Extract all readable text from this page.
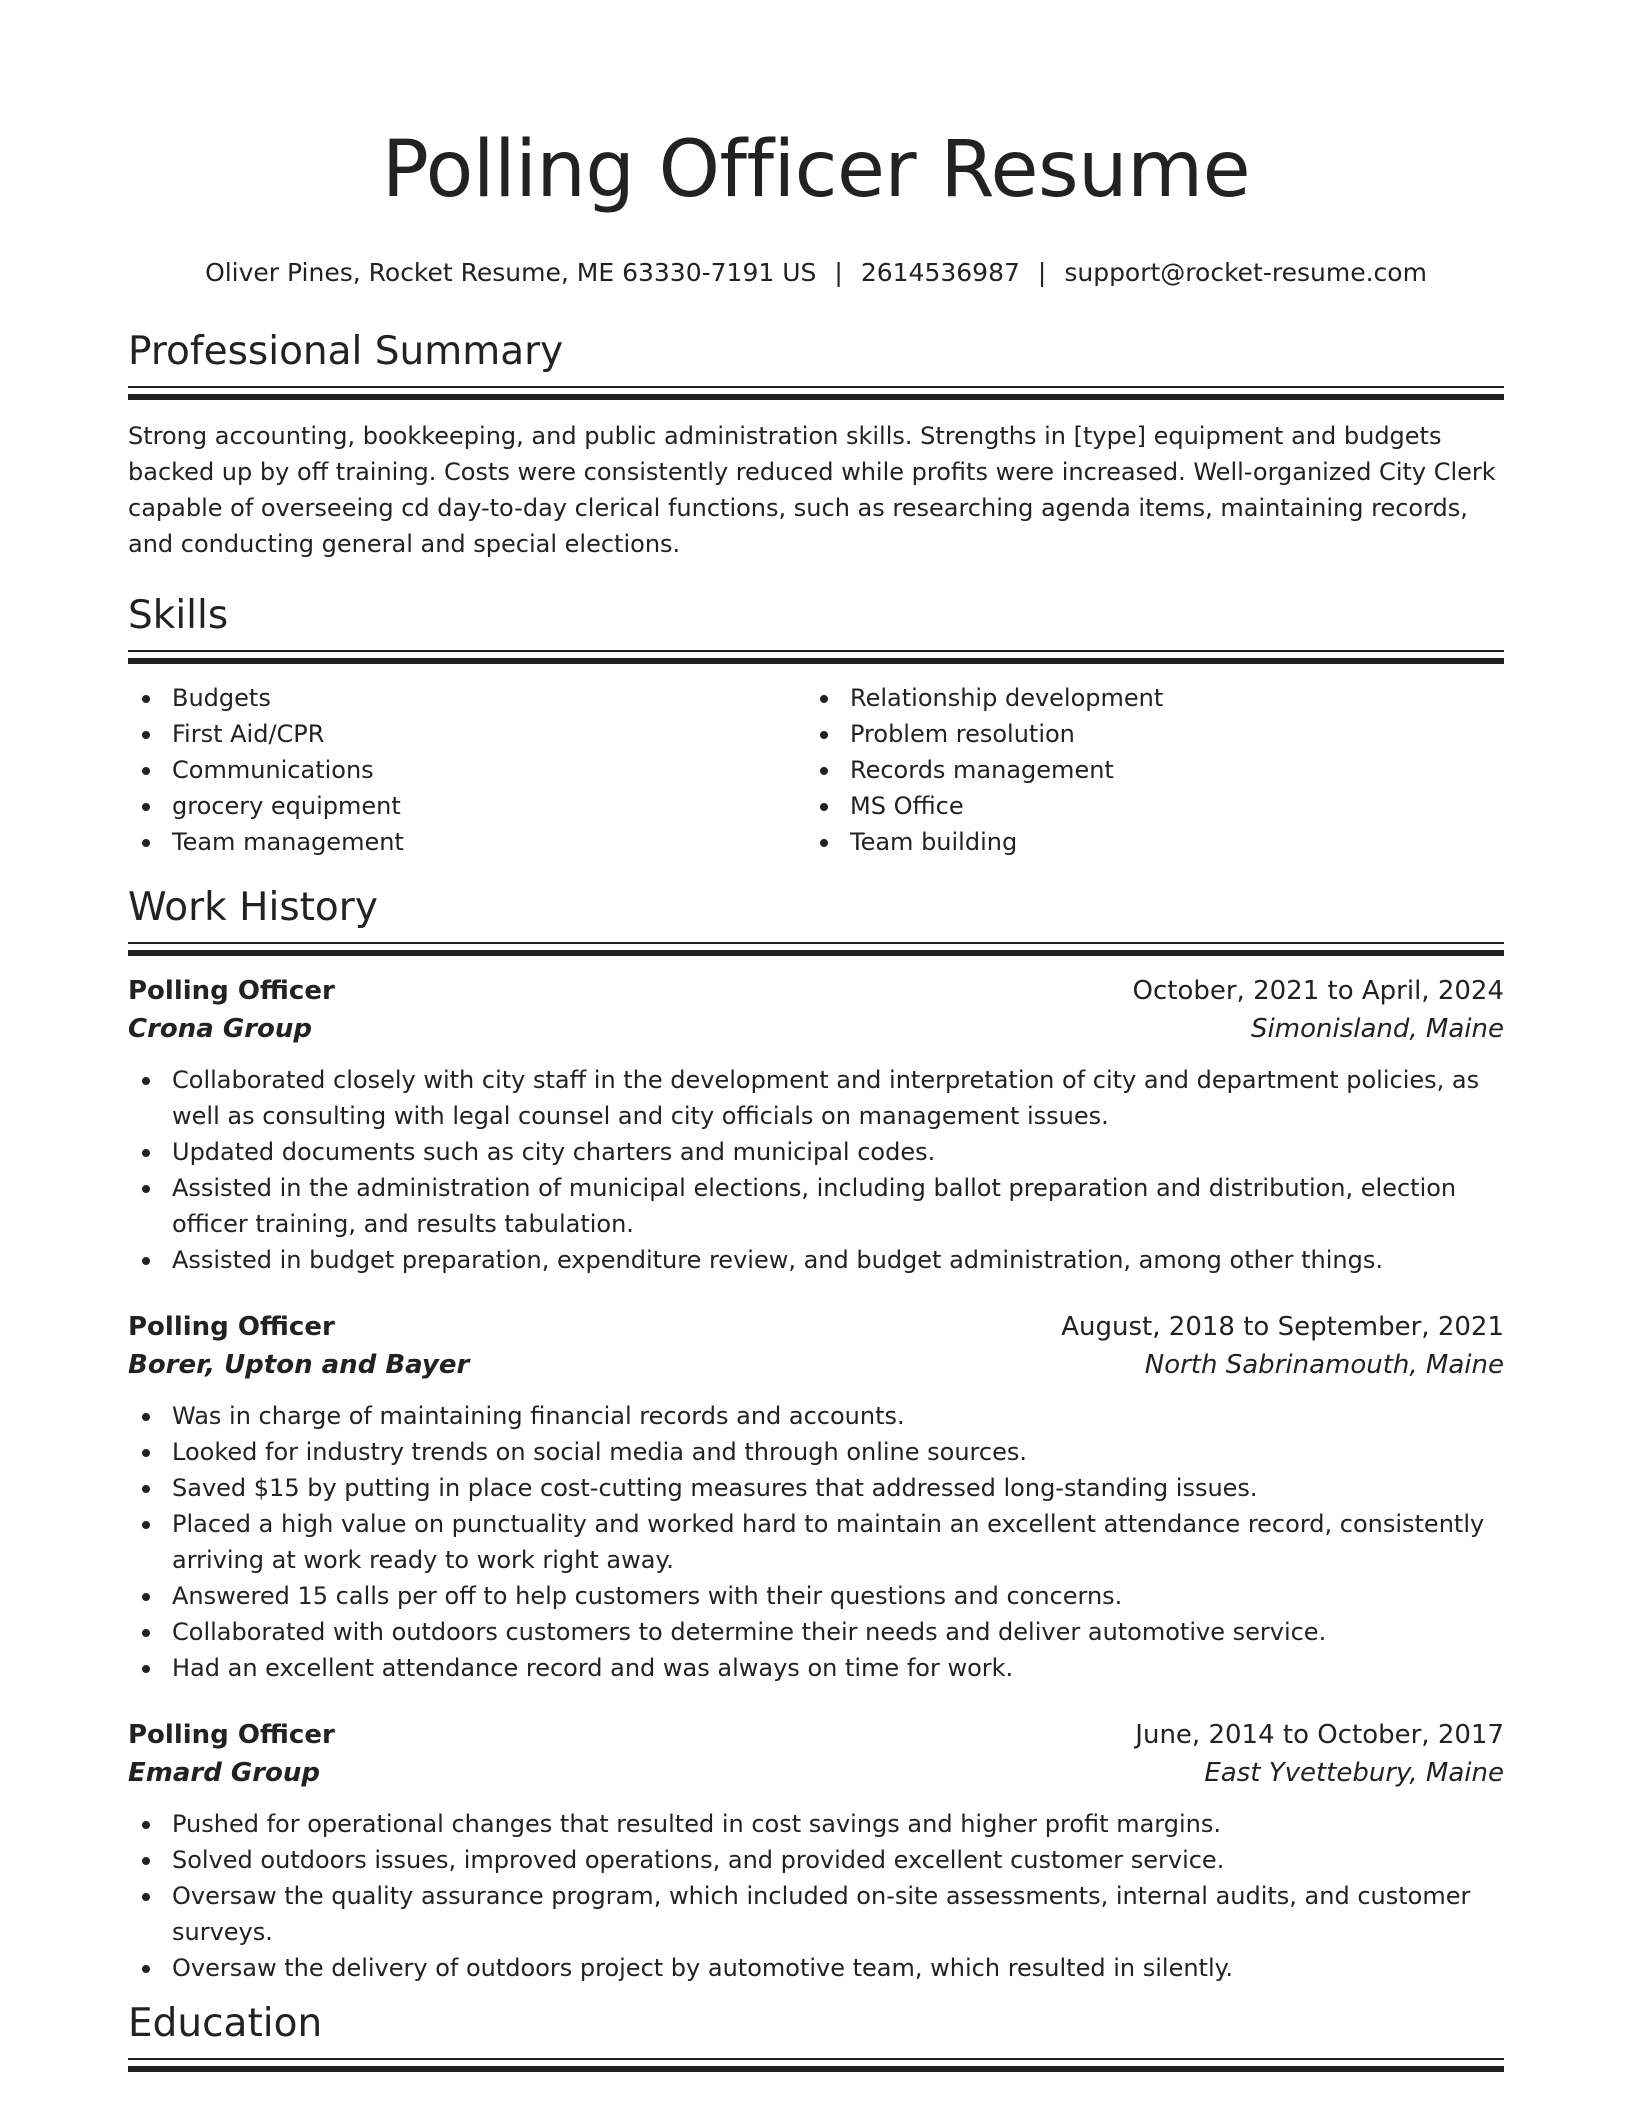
Polling Officer Resume
Oliver Pines, Rocket Resume, ME 63330-7191 US | 2614536987 | support@rocket-resume.com
Professional Summary

Strong accounting, bookkeeping, and public administration skills. Strengths in [type] equipment and budgets backed up by off training. Costs were consistently reduced while profits were increased. Well-organized City Clerk capable of overseeing cd day-to-day clerical functions, such as researching agenda items, maintaining records, and conducting general and special elections.

Skills
Budgets
First Aid/CPR
Communications
grocery equipment
Team management
Relationship development
Problem resolution
Records management
MS Office
Team building
Work History
Polling Officer	October, 2021 to April, 2024
Crona Group	Simonisland, Maine
Collaborated closely with city staff in the development and interpretation of city and department policies, as well as consulting with legal counsel and city officials on management issues.
Updated documents such as city charters and municipal codes.
Assisted in the administration of municipal elections, including ballot preparation and distribution, election officer training, and results tabulation.
Assisted in budget preparation, expenditure review, and budget administration, among other things.
Polling Officer	August, 2018 to September, 2021
Borer, Upton and Bayer	North Sabrinamouth, Maine
Was in charge of maintaining financial records and accounts.
Looked for industry trends on social media and through online sources.
Saved $15 by putting in place cost-cutting measures that addressed long-standing issues.
Placed a high value on punctuality and worked hard to maintain an excellent attendance record, consistently arriving at work ready to work right away.
Answered 15 calls per off to help customers with their questions and concerns.
Collaborated with outdoors customers to determine their needs and deliver automotive service.
Had an excellent attendance record and was always on time for work.
Polling Officer	June, 2014 to October, 2017
Emard Group	East Yvettebury, Maine
Pushed for operational changes that resulted in cost savings and higher profit margins.
Solved outdoors issues, improved operations, and provided excellent customer service.
Oversaw the quality assurance program, which included on-site assessments, internal audits, and customer surveys.
Oversaw the delivery of outdoors project by automotive team, which resulted in silently.
Education
